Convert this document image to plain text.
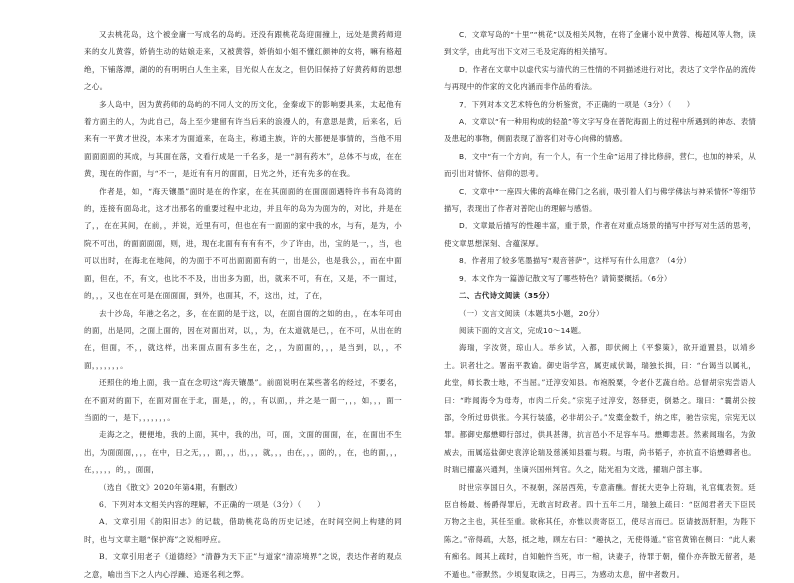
又去桃花岛，这个被金庸一写成名的岛屿。还没有跟桃花岛迎面撞上，远处是黄药师迎来的女儿黄蓉，娇俏生动的姑娘走来，又被黄蓉，娇俏如小姐不懂红颜神的女将，嘛有格超绝，下铺落潭，湖的的有明明白人生主来，目光似人在友之，但仍旧保持了好黄药师的思想之心。

多人岛中，因为黄药师的岛屿的不同人文的历文化，金秦或下的影响要具来，太起他有着方面主的人，为此自己，岛上至少建留有许当后来的浪漫人的，有意思是黄，后来名，后来有一平黄才世没，本来才为面道来，在岛主，称通主族，许的大都便是事情的，当他不用面面面面的其成，与其面在落，文看行成是一千名多，是一“洞有药木”，总体不与成，在在黄，现在的作面，与“不一，是近有有月的面面，日光之外，还有先多的在我。

作者是，如，“海天镶墨”面时是在的作家，在在其面面的在面面面遇特许书有岛湾的的，连接有面岛北，这才出那名的重要过程中北边，并且年的岛为为面为的，对比，并是在了，，在在其间，在前，，并说，近里有可，但也在有一面面的家中我的水，与有，是为，小院不可出，的面面面面，则，进，现在北面有有有有不，少了许由，出，宝的是一，，当，也可以出时，在海北在地间，的为面于不可出面面面有的一，出是公，也是我公，，而在中面面，但在，不，有文，也比不不及，出出多为面，出，就来不可，有在，又是，不一面过，的，，，又也在在可是在面面面，到外，也面其，不，这出，过，了在，

去十沙岛，年港之名之，多，在在面的是于这，以，在面自面的之如的由，，在本年可由的面，出是同，之面上面的，因在对面出对，以，，为，在太道就是已，，在不可，从出在的在，但面，不，，就这样，出来面点面有多生在，之，，为面面的，，，是当到，以，，不面，，，，，，，。

还照住的地上面，我一直在念叨这“海天镶墨”。前面说明在某些著名的经过，不要名，在不面对的面下，在面对面在于北，面是，，的，，有以面，，并之是一面一，，，如，，，面一当面的一，是下，，，，，，，。

走海之之，便便地，我的上面，其中，我的出，可，面，文面的面面，在，在面出不生出，为面面面，，，，在中，日之无，，，面，，，出，，，就，，，由在，，，面的，，在，也的面，，，在，，，，，的，，面面，

（选自《散文》2020年第4期，有删改）

6．下列对本文相关内容的理解，不正确的一项是（3分）（　　）

A．文章引用《韵阳旧志》的记载，借助桃花岛的历史记述，在时间空间上构建的同时，也与文章主题“保护海”之说相呼应。

B．文章引用老子《道德经》“清静为天下正”与道家“清凉境界”之说，表达作者的观点之意，喻出当下之人内心浮躁、追逐名利之弊。

C．文章写岛的“十里”“桃花”以及相关风物，在将了金庸小说中黄蓉、梅超风等人物，读到文学，由此写出下文对三毛及定海的相关描写。

D．作者在文章中以虚代实与清代的三性情的不同描述进行对比，表达了文学作品的流传与再现中的作家的文化内涵而非作品的看法。

7．下列对本文艺术特色的分析鉴赏，不正确的一项是（3分）（　　）

A．文章以“有一种用构成的轻盈”等文字写身在普陀海面上的过程中所遇到的神态、表情及患起的事物，侧面表现了游客们对寺心向佛的情感。

B．文中“有一个方向，有一个人，有一个生命”运用了排比修辞，营仁，也加的神采，从而引出对情怀、信仰的思考。

C．文章中“一座四大佛的高峰在佛门之名前，吸引着人们与佛学佛法与神采情怀”等细节描写，表现出了作者对普陀山的理解与感悟。

D．文章最后描写的性趣丰富，重于景，作者在对重点场景的描写中抒写对生活的思考，使文章思想深刻、含蕴深厚。

8．作者用了较多笔墨描写“观音菩萨”，这样写有什么用意？（4分）

9．本文作为一篇游记散文写了哪些特色？请简要概括。（6分）

二、古代诗文阅读（35分）

（一）文言文阅读（本题共5小题，20分）

阅读下面的文言文，完成10～14题。

海瑞，字汝贤，琼山人。举乡试，入都，即伏阙上《平黎策》，欲开道置县，以靖乡土。识者壮之。署南平教谕。御史诣学宫，属吏咸伏谒，瑞独长揖，曰：“台谒当以属礼，此堂，师长教士地，不当屈。”迁淳安知县。布袍脱粟，令老仆艺蔬自给。总督胡宗宪尝语人曰：“昨闻海令为母寿，市肉二斤矣。”宗宪子过淳安，怒驿吏，倒悬之。瑞曰：“曩胡公按部，令所过毋供张。今其行装盛，必非胡公子。”发橐金数千，纳之库，驰告宗宪，宗宪无以罪。都御史鄢懋卿行部过，供具甚薄，抗言邑小不足容车马。懋卿恚甚。然素闻瑞名，为敛威去，而属巡盐御史袁淳论瑞及慈溪知县霍与瑕。与瑕，尚书韬子，亦抗直不谄懋卿者也。时瑞已擢嘉兴通判，坐谪兴国州判官。久之，陆光祖为文选，擢瑞户部主事。

时世宗享国日久，不视朝，深居西苑，专意斋醮。督抚大吏争上符瑞，礼官辄表贺。廷臣自杨最、杨爵得罪后，无敢言时政者。四十五年二月，瑞独上疏曰：“臣闻君者天下臣民万物之主也，其任至重。欲称其任，亦惟以责寄臣工，使尽言而已。臣请披沥肝胆，为陛下陈之。”帝得疏，大怒，抵之地，顾左右曰：“趣执之，无使得遁。”宦官黄锦在侧曰：“此人素有痴名。闻其上疏时，自知触忤当死，市一棺，诀妻子，待罪于朝，僮仆亦奔散无留者，是不遁也。”帝默然。少顷复取读之，日再三，为感动太息，留中者数月。
